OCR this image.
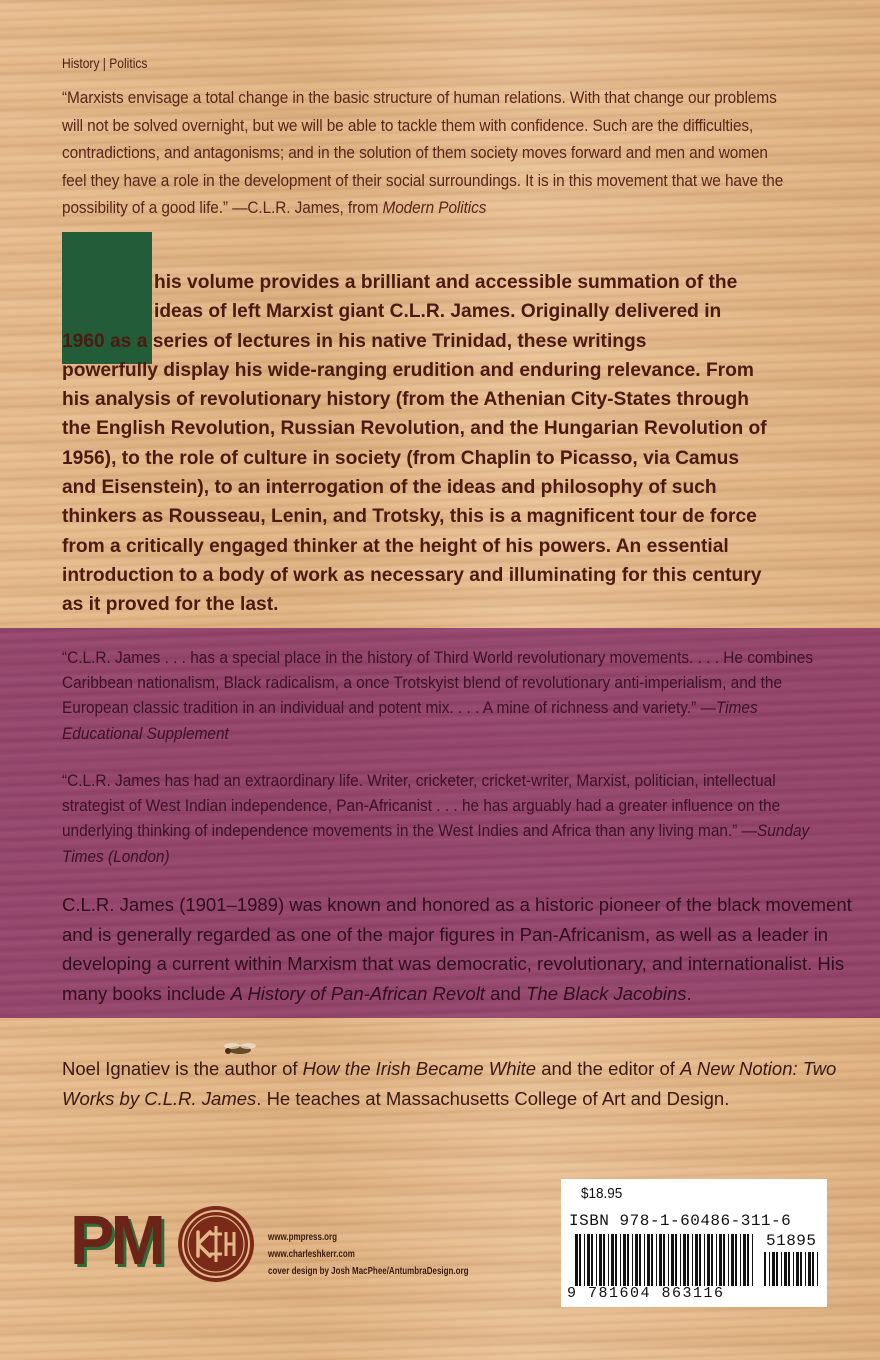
History | Politics
“Marxists envisage a total change in the basic structure of human relations. With that change our problems will not be solved overnight, but we will be able to tackle them with confidence. Such are the difficulties, contradictions, and antagonisms; and in the solution of them society moves forward and men and women feel they have a role in the development of their social surroundings. It is in this movement that we have the possibility of a good life.” —C.L.R. James, from Modern Politics
his volume provides a brilliant and accessible summation of the
ideas of left Marxist giant C.L.R. James. Originally delivered in
1960 as a series of lectures in his native Trinidad, these writings
powerfully display his wide-ranging erudition and enduring relevance. From
his analysis of revolutionary history (from the Athenian City-States through
the English Revolution, Russian Revolution, and the Hungarian Revolution of
1956), to the role of culture in society (from Chaplin to Picasso, via Camus
and Eisenstein), to an interrogation of the ideas and philosophy of such
thinkers as Rousseau, Lenin, and Trotsky, this is a magnificent tour de force
from a critically engaged thinker at the height of his powers. An essential
introduction to a body of work as necessary and illuminating for this century
as it proved for the last.
“C.L.R. James . . . has a special place in the history of Third World revolutionary movements. . . . He combines Caribbean nationalism, Black radicalism, a once Trotskyist blend of revolutionary anti-imperialism, and the European classic tradition in an individual and potent mix. . . . A mine of richness and variety.” —Times Educational Supplement
“C.L.R. James has had an extraordinary life. Writer, cricketer, cricket-writer, Marxist, politician, intellectual strategist of West Indian independence, Pan-Africanist . . . he has arguably had a greater influence on the underlying thinking of independence movements in the West Indies and Africa than any living man.” —Sunday Times (London)
C.L.R. James (1901–1989) was known and honored as a historic pioneer of the black movement and is generally regarded as one of the major figures in Pan-Africanism, as well as a leader in developing a current within Marxism that was democratic, revolutionary, and internationalist. His many books include A History of Pan-African Revolt and The Black Jacobins.
Noel Ignatiev is the author of How the Irish Became White and the editor of A New Notion: Two Works by C.L.R. James. He teaches at Massachusetts College of Art and Design.
PM
CHK
www.pmpress.org
www.charleshkerr.com
cover design by Josh MacPhee/AntumbraDesign.org
$18.95
ISBN 978-1-60486-311-6
51895
9 781604 863116
